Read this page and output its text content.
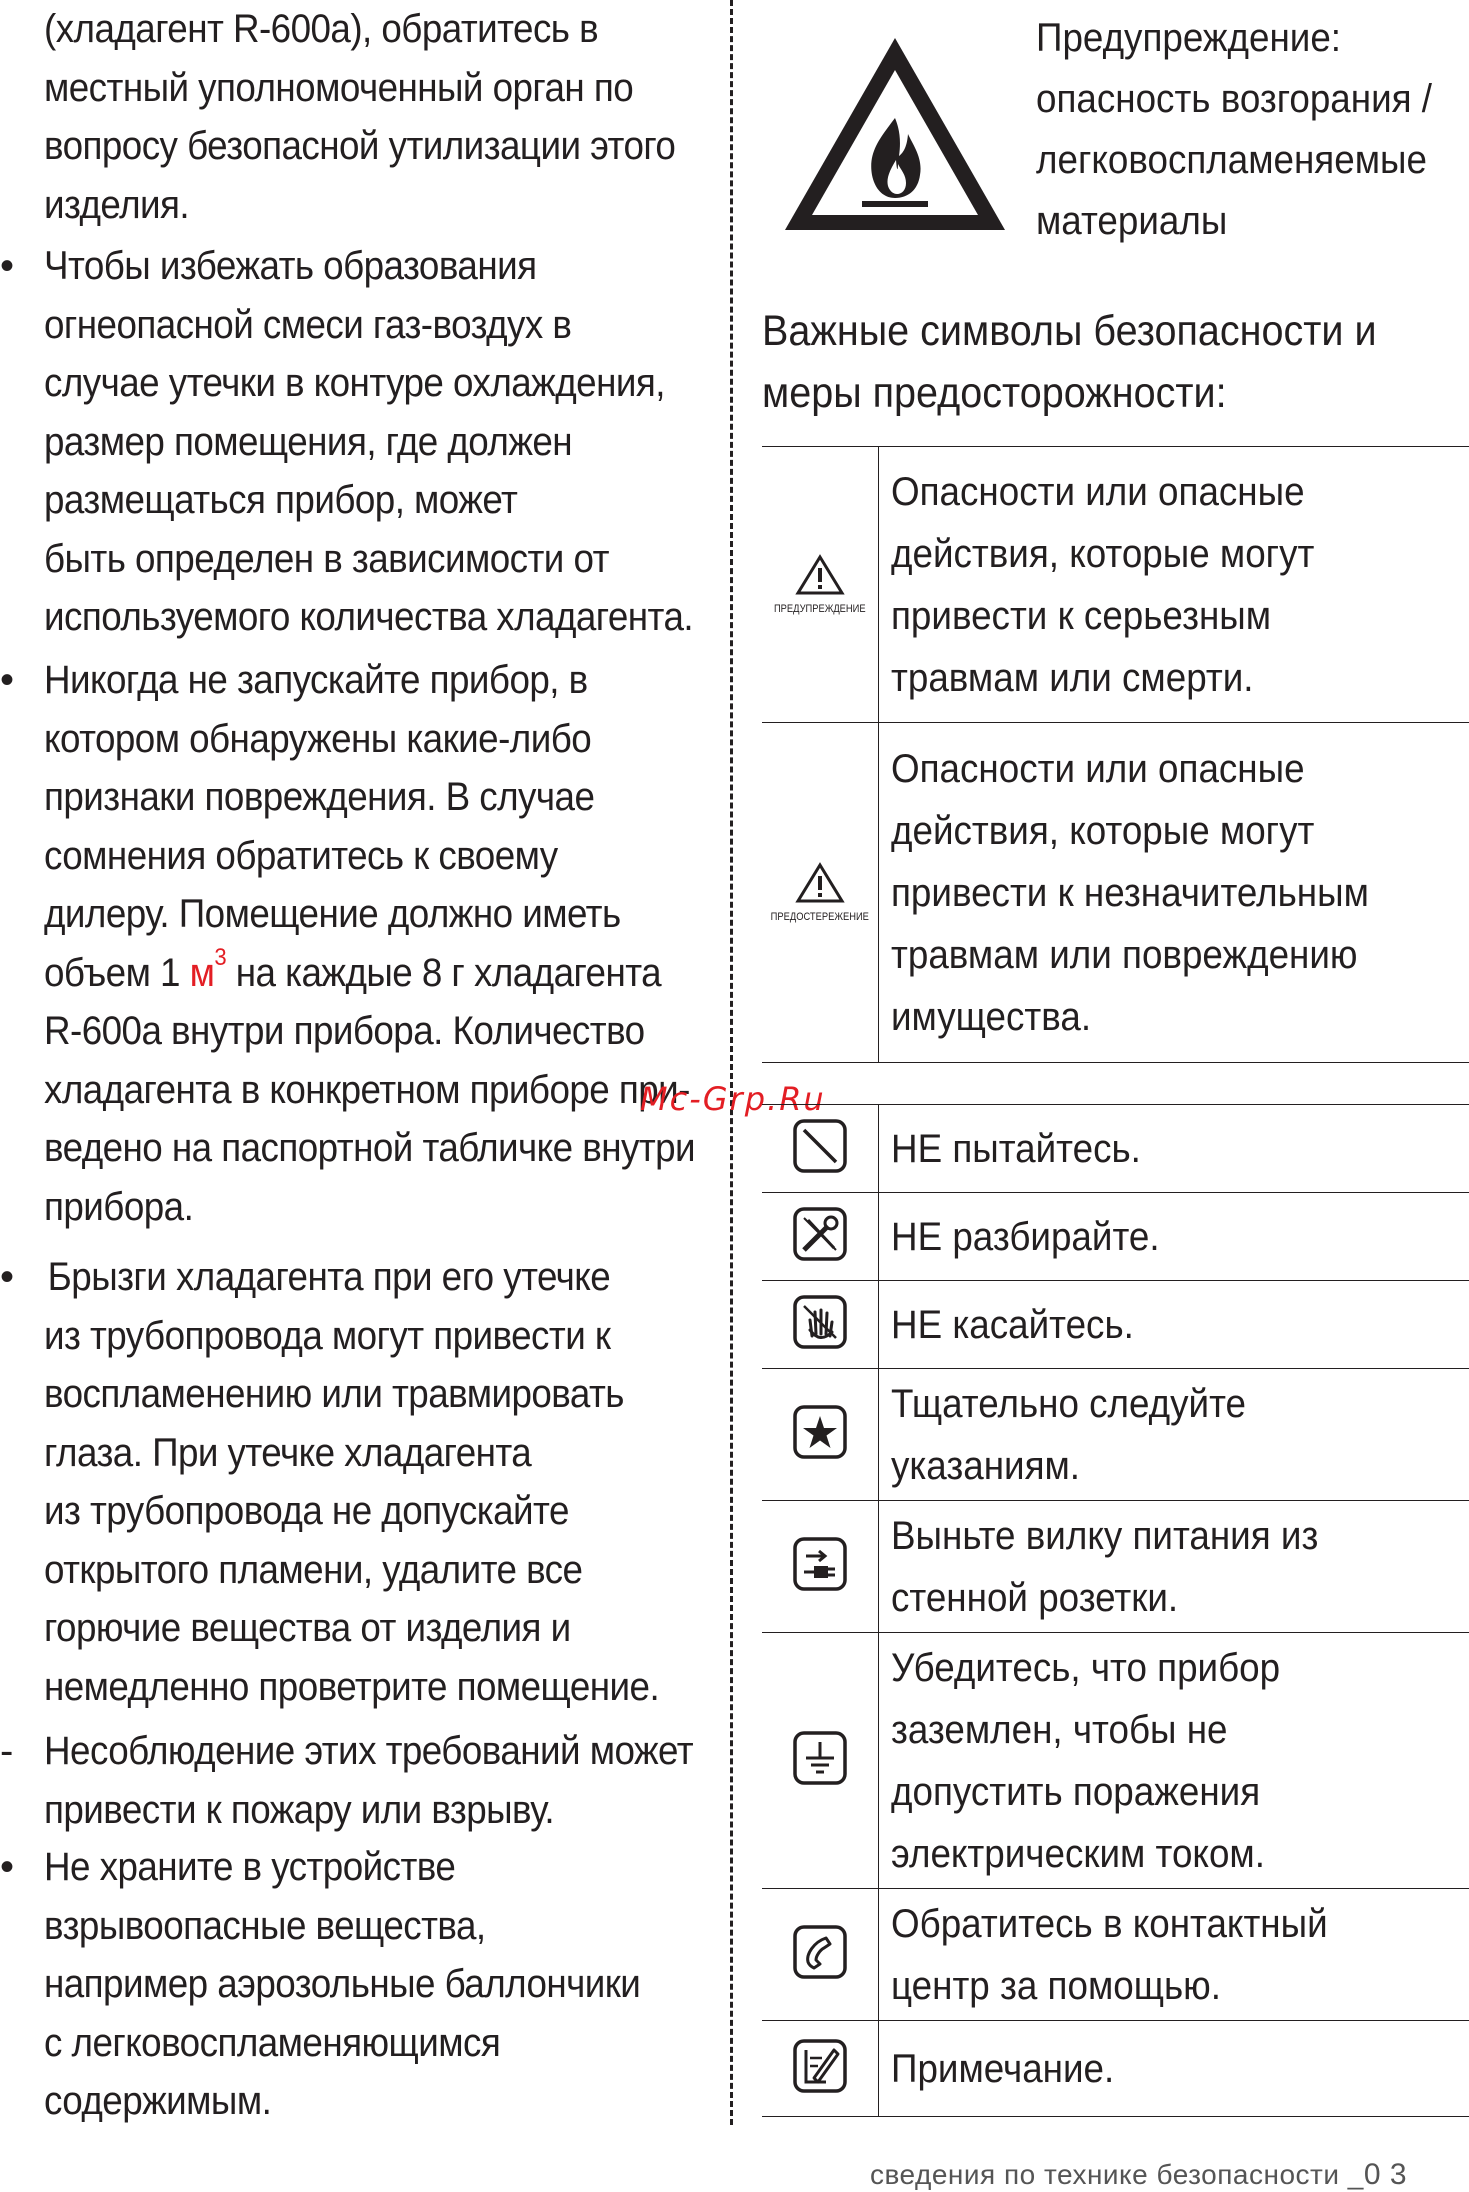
(хладагент R-600a), обратитесь в
местный уполномоченный орган по
вопросу безопасной утилизации этого
изделия.
• Чтобы избежать образования
огнеопасной смеси газ-воздух в
случае утечки в контуре охлаждения,
размер помещения, где должен
размещаться прибор, может
быть определен в зависимости от
используемого количества хладагента.
• Никогда не запускайте прибор, в
котором обнаружены какие-либо
признаки повреждения. В случае
сомнения обратитесь к своему
дилеру. Помещение должно иметь
объем 1 $м^3$ на каждые 8 г хладагента
R-600a внутри прибора. Количество
хладагента в конкретном приборе при-
ведено на паспортной табличке внутри
прибора.
• Брызги хладагента при его утечке
из трубопровода могут привести к
воспламенению или травмировать
глаза. При утечке хладагента
из трубопровода не допускайте
открытого пламени, удалите все
горючие вещества от изделия и
немедленно проветрите помещение.
- Несоблюдение этих требований может
привести к пожару или взрыву.
• Не храните в устройстве
взрывоопасные вещества,
например аэрозольные баллончики
с легковоспламеняющимся
содержимым.
Mc-Grp.Ru
Предупреждение:
опасность возгорания /
легковоспламеняемые
материалы
Важные символы безопасности и
меры предосторожности:
ПРЕДУПРЕЖДЕНИЕ	Опасности или опасные
действия, которые могут
привести к серьезным
травмам или смерти.

ПРЕДОСТЕРЕЖЕНИЕ	Опасности или опасные
действия, которые могут
привести к незначительным
травмам или повреждению
имущества.

НЕ пытайтесь.

НЕ разбирайте.

НЕ касайтесь.

Тщательно следуйте
указаниям.

Выньте вилку питания из
стенной розетки.

Убедитесь, что прибор
заземлен, чтобы не
допустить поражения
электрическим током.

Обратитесь в контактный
центр за помощью.

Примечание.
сведения по технике безопасности _0 3
